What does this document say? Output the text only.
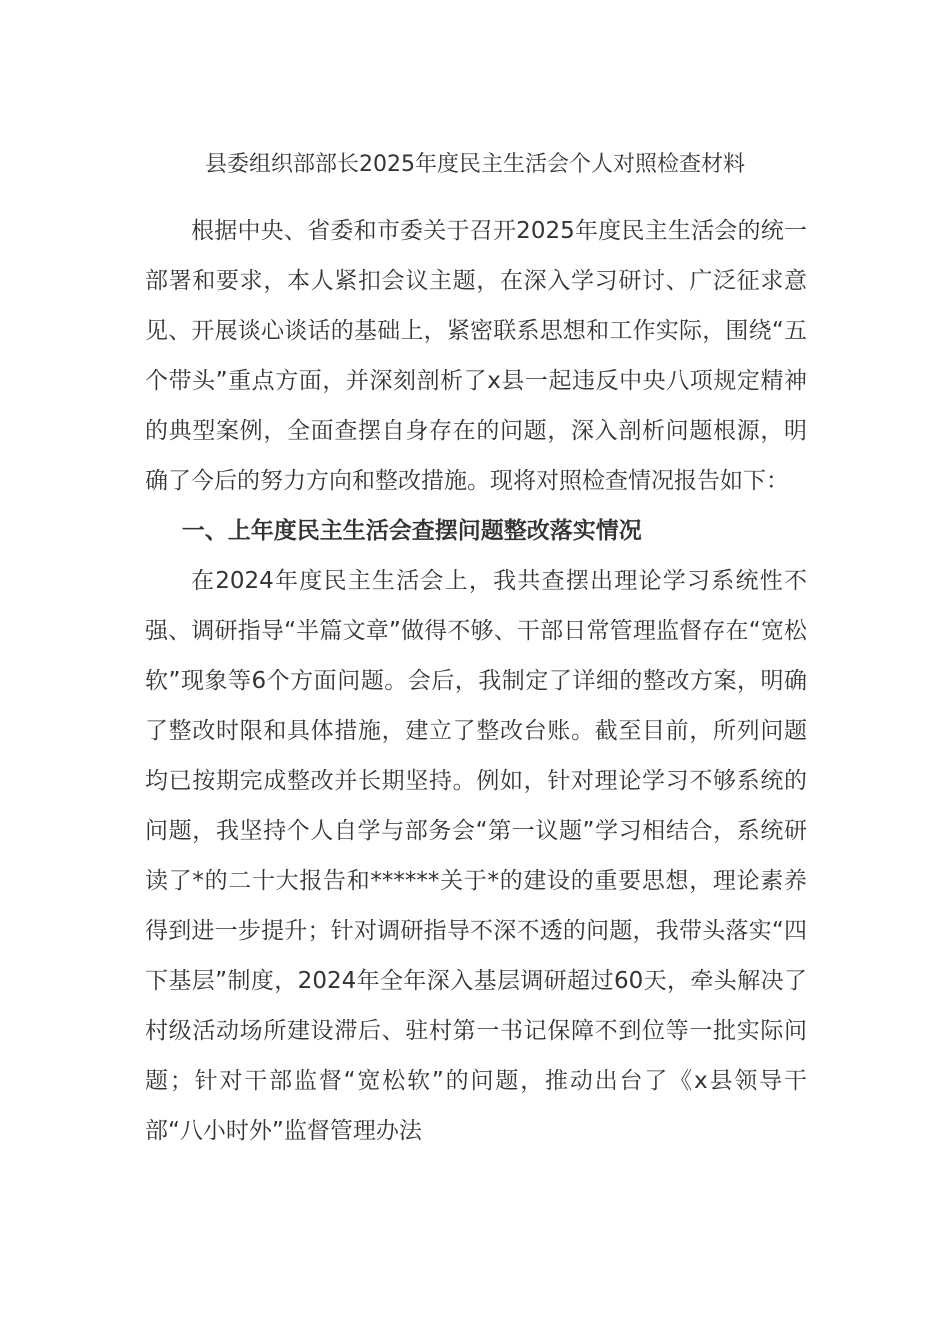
县委组织部部长2025年度民主生活会个人对照检查材料

根据中央、省委和市委关于召开2025年度民主生活会的统一部署和要求，本人紧扣会议主题，在深入学习研讨、广泛征求意见、开展谈心谈话的基础上，紧密联系思想和工作实际，围绕“五个带头”重点方面，并深刻剖析了x县一起违反中央八项规定精神的典型案例，全面查摆自身存在的问题，深入剖析问题根源，明确了今后的努力方向和整改措施。现将对照检查情况报告如下：

一、上年度民主生活会查摆问题整改落实情况

在2024年度民主生活会上，我共查摆出理论学习系统性不强、调研指导“半篇文章”做得不够、干部日常管理监督存在“宽松软”现象等6个方面问题。会后，我制定了详细的整改方案，明确了整改时限和具体措施，建立了整改台账。截至目前，所列问题均已按期完成整改并长期坚持。例如，针对理论学习不够系统的问题，我坚持个人自学与部务会“第一议题”学习相结合，系统研读了*的二十大报告和******关于*的建设的重要思想，理论素养得到进一步提升；针对调研指导不深不透的问题，我带头落实“四下基层”制度，2024年全年深入基层调研超过60天，牵头解决了村级活动场所建设滞后、驻村第一书记保障不到位等一批实际问题；针对干部监督“宽松软”的问题，推动出台了《x县领导干部“八小时外”监督管理办法
